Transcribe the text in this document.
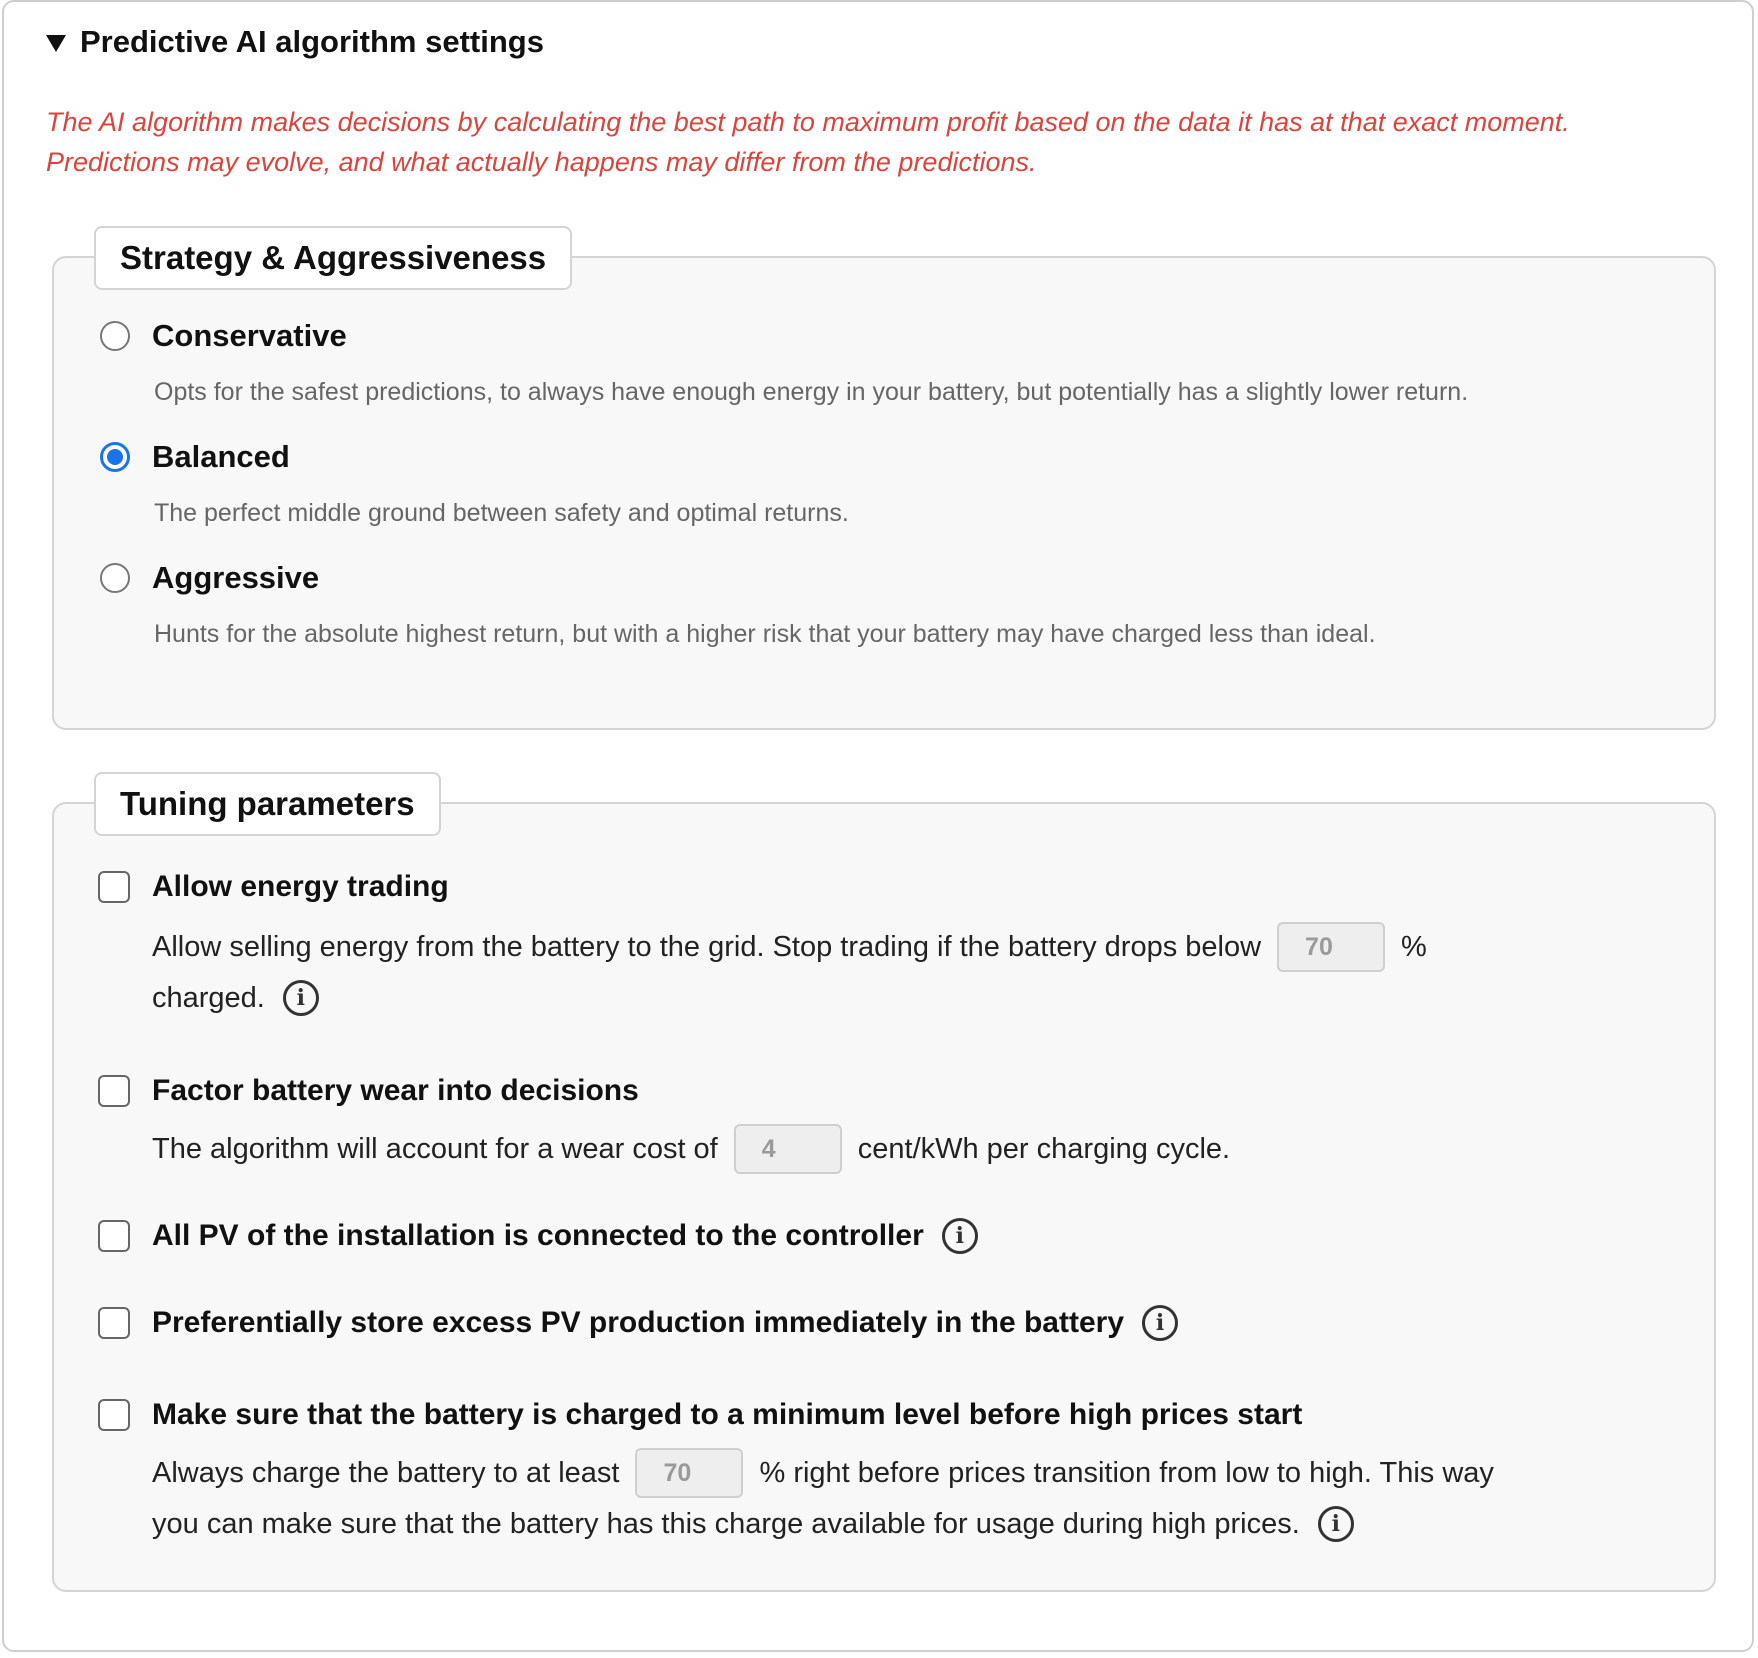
Predictive AI algorithm settings
The AI algorithm makes decisions by calculating the best path to maximum profit based on the data it has at that exact moment.
Predictions may evolve, and what actually happens may differ from the predictions.
Strategy & Aggressiveness
Conservative
Opts for the safest predictions, to always have enough energy in your battery, but potentially has a slightly lower return.
Balanced
The perfect middle ground between safety and optimal returns.
Aggressive
Hunts for the absolute highest return, but with a higher risk that your battery may have charged less than ideal.
Tuning parameters
Allow energy trading
Allow selling energy from the battery to the grid. Stop trading if the battery drops below
70	%
charged.	i
Factor battery wear into decisions
The algorithm will account for a wear cost of
4	cent/kWh per charging cycle.
All PV of the installation is connected to the controller	i
Preferentially store excess PV production immediately in the battery	i
Make sure that the battery is charged to a minimum level before high prices start
Always charge the battery to at least
70	% right before prices transition from low to high. This way
you can make sure that the battery has this charge available for usage during high prices.	i
